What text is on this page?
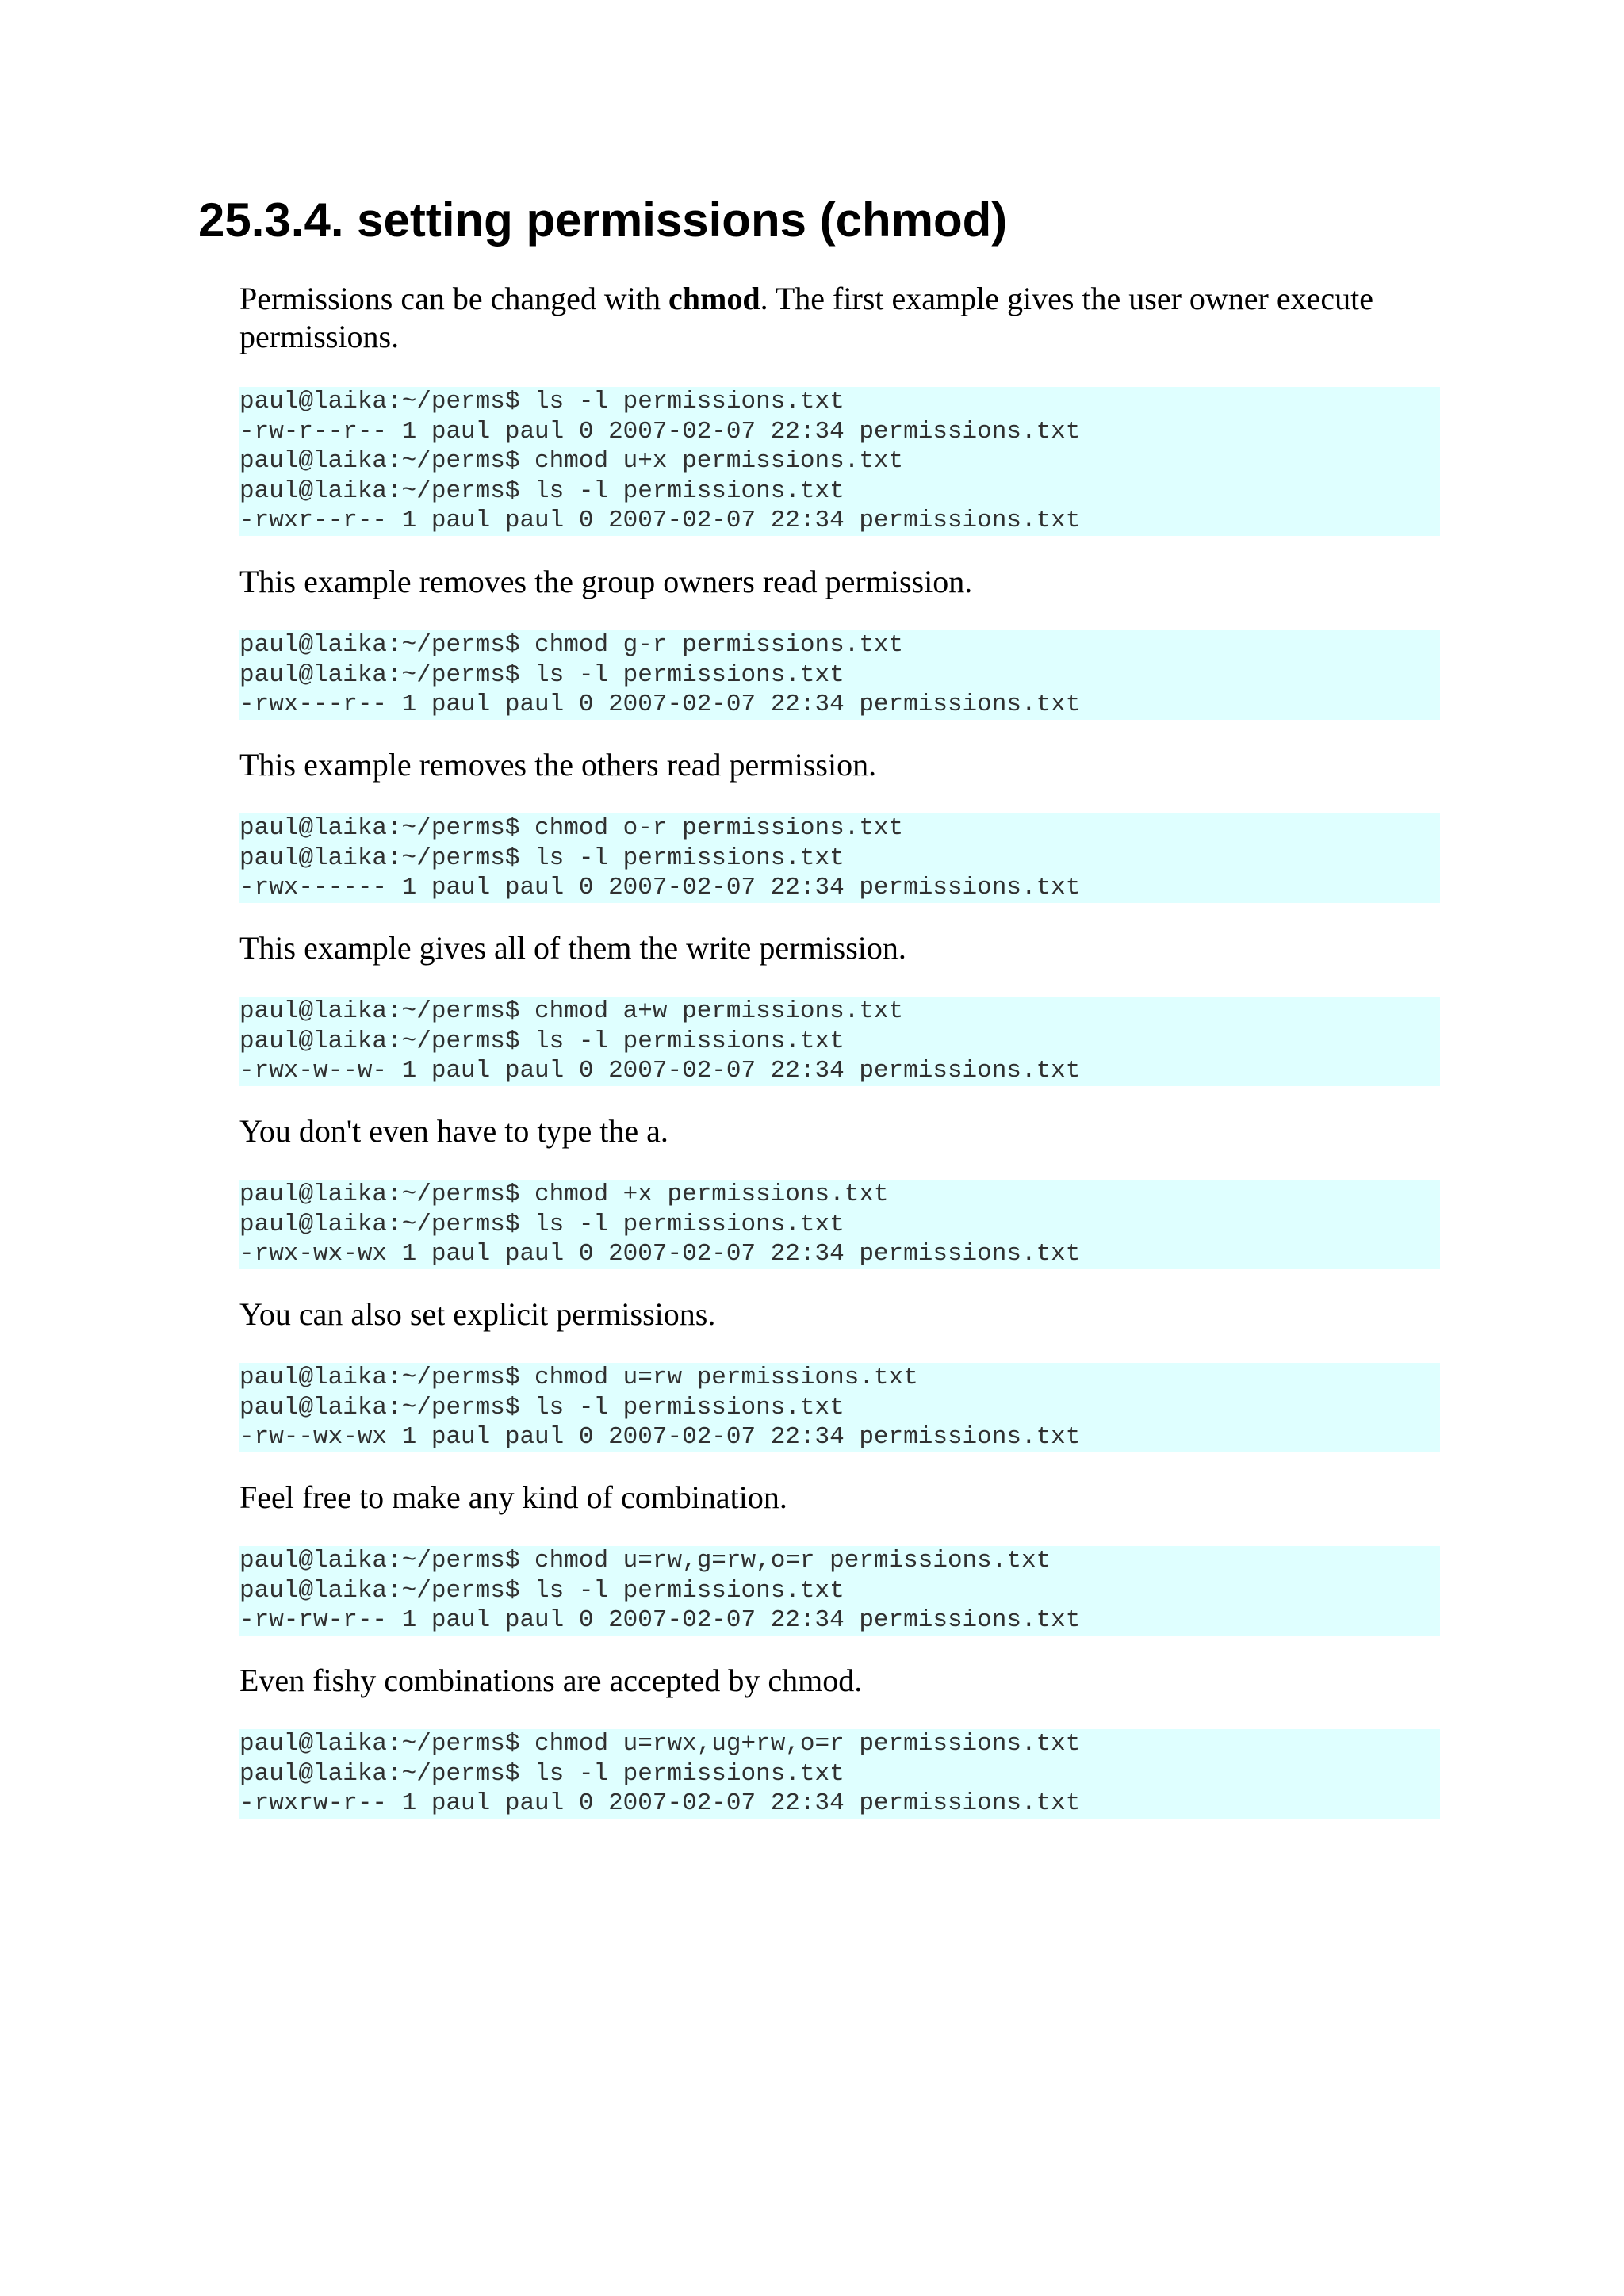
25.3.4. setting permissions (chmod)

Permissions can be changed with chmod. The first example gives the user owner execute permissions.

paul@laika:~/perms$ ls -l permissions.txt
-rw-r--r-- 1 paul paul 0 2007-02-07 22:34 permissions.txt
paul@laika:~/perms$ chmod u+x permissions.txt
paul@laika:~/perms$ ls -l permissions.txt
-rwxr--r-- 1 paul paul 0 2007-02-07 22:34 permissions.txt

This example removes the group owners read permission.

paul@laika:~/perms$ chmod g-r permissions.txt
paul@laika:~/perms$ ls -l permissions.txt
-rwx---r-- 1 paul paul 0 2007-02-07 22:34 permissions.txt

This example removes the others read permission.

paul@laika:~/perms$ chmod o-r permissions.txt
paul@laika:~/perms$ ls -l permissions.txt
-rwx------ 1 paul paul 0 2007-02-07 22:34 permissions.txt

This example gives all of them the write permission.

paul@laika:~/perms$ chmod a+w permissions.txt
paul@laika:~/perms$ ls -l permissions.txt
-rwx-w--w- 1 paul paul 0 2007-02-07 22:34 permissions.txt

You don't even have to type the a.

paul@laika:~/perms$ chmod +x permissions.txt
paul@laika:~/perms$ ls -l permissions.txt
-rwx-wx-wx 1 paul paul 0 2007-02-07 22:34 permissions.txt

You can also set explicit permissions.

paul@laika:~/perms$ chmod u=rw permissions.txt
paul@laika:~/perms$ ls -l permissions.txt
-rw--wx-wx 1 paul paul 0 2007-02-07 22:34 permissions.txt

Feel free to make any kind of combination.

paul@laika:~/perms$ chmod u=rw,g=rw,o=r permissions.txt
paul@laika:~/perms$ ls -l permissions.txt
-rw-rw-r-- 1 paul paul 0 2007-02-07 22:34 permissions.txt

Even fishy combinations are accepted by chmod.

paul@laika:~/perms$ chmod u=rwx,ug+rw,o=r permissions.txt
paul@laika:~/perms$ ls -l permissions.txt
-rwxrw-r-- 1 paul paul 0 2007-02-07 22:34 permissions.txt
